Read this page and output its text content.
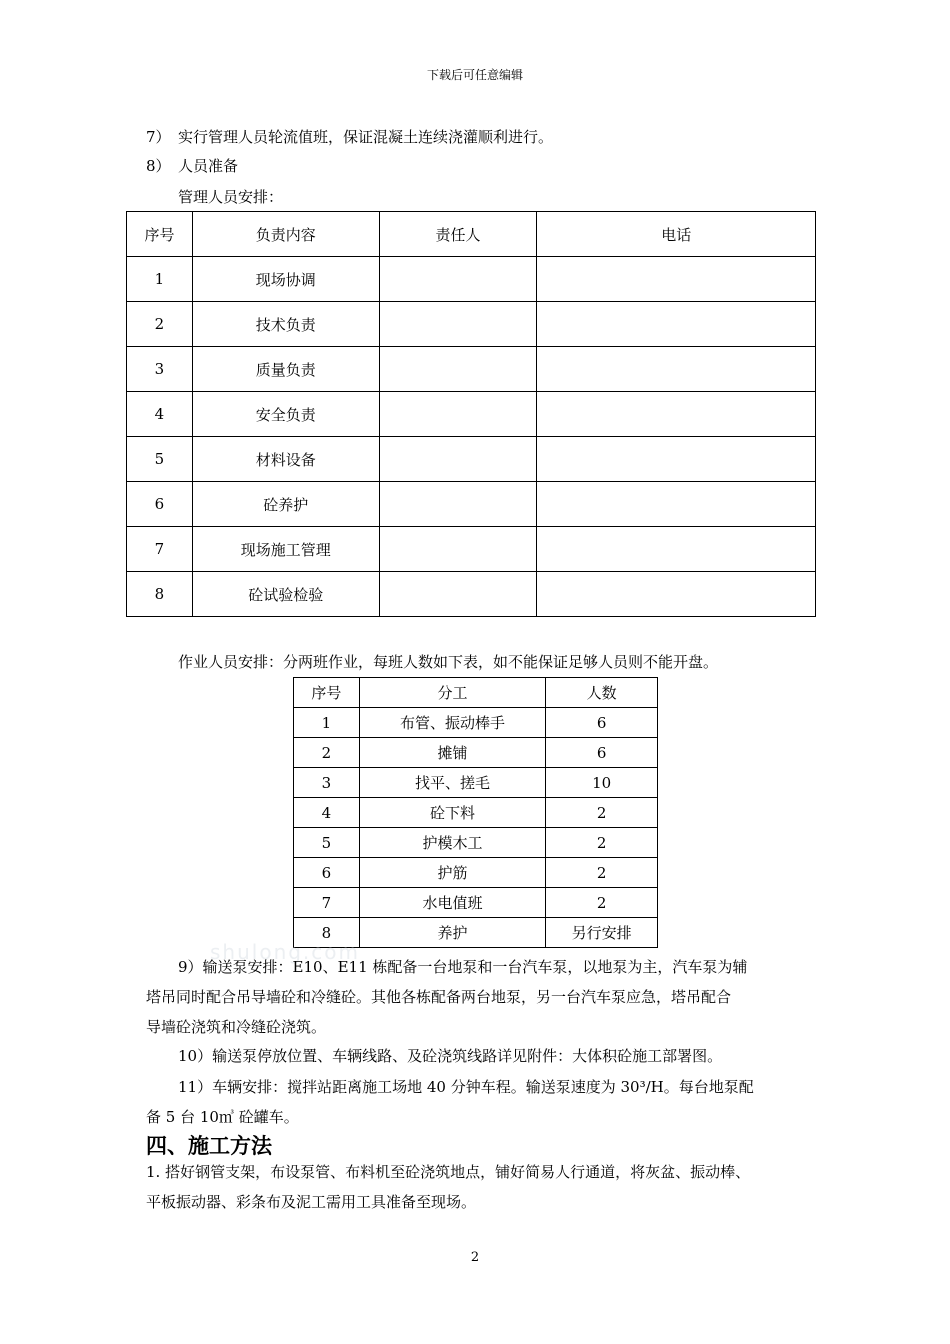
下载后可任意编辑
7）　实行管理人员轮流值班，保证混凝土连续浇灌顺利进行。
8）　人员准备
管理人员安排：
序号	负责内容	责任人	电话
1	现场协调		
2	技术负责		
3	质量负责		
4	安全负责		
5	材料设备		
6	砼养护		
7	现场施工管理		
8	砼试验检验		
作业人员安排：分两班作业，每班人数如下表，如不能保证足够人员则不能开盘。
序号	分工	人数
1	布管、振动棒手	6
2	摊铺	6
3	找平、搓毛	10
4	砼下料	2
5	护模木工	2
6	护筋	2
7	水电值班	2
8	养护	另行安排
shulong.com
9）输送泵安排：E10、E11 栋配备一台地泵和一台汽车泵，以地泵为主，汽车泵为辅
塔吊同时配合吊导墙砼和冷缝砼。其他各栋配备两台地泵，另一台汽车泵应急，塔吊配合
导墙砼浇筑和冷缝砼浇筑。
10）输送泵停放位置、车辆线路、及砼浇筑线路详见附件：大体积砼施工部署图。
11）车辆安排：搅拌站距离施工场地 40 分钟车程。输送泵速度为 30³/H。每台地泵配
备 5 台 10㎥ 砼罐车。
四、施工方法
1. 搭好钢管支架，布设泵管、布料机至砼浇筑地点，铺好简易人行通道，将灰盆、振动棒、
平板振动器、彩条布及泥工需用工具准备至现场。
2
